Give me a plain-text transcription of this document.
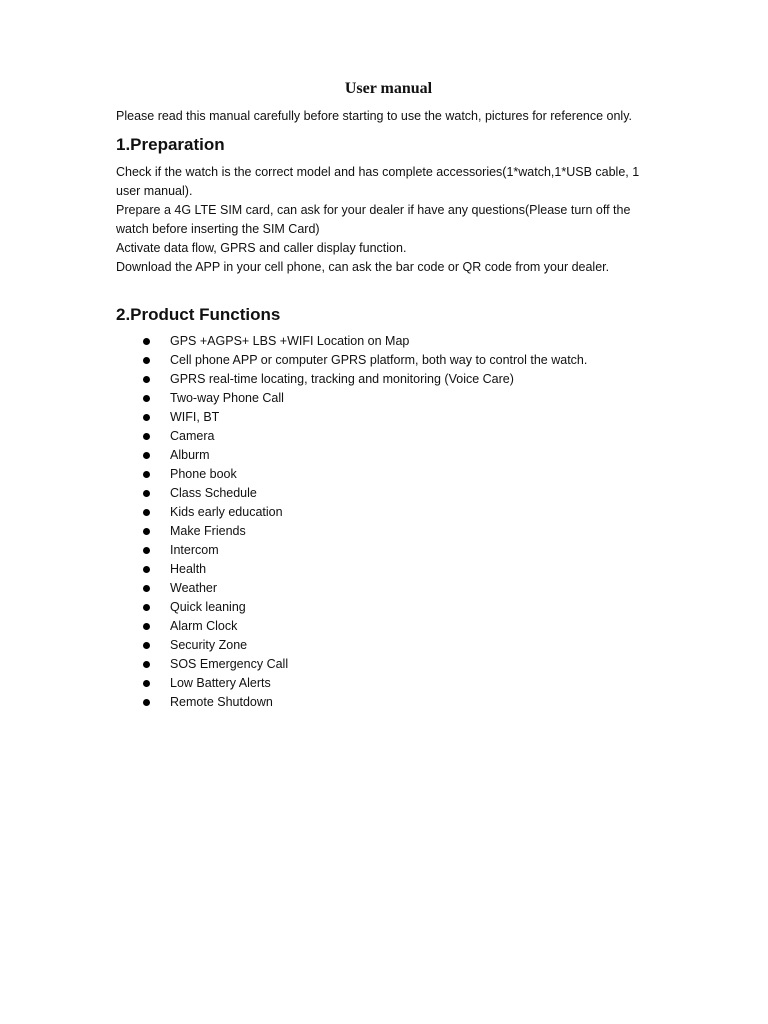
User manual

Please read this manual carefully before starting to use the watch, pictures for reference only.

1.Preparation

Check if the watch is the correct model and has complete accessories(1*watch,1*USB cable, 1 user manual).

Prepare a 4G LTE SIM card, can ask for your dealer if have any questions(Please turn off the watch before inserting the SIM Card)

Activate data flow, GPRS and caller display function.

Download the APP in your cell phone, can ask the bar code or QR code from your dealer.

2.Product Functions
GPS +AGPS+ LBS +WIFI Location on Map
Cell phone APP or computer GPRS platform, both way to control the watch.
GPRS real-time locating, tracking and monitoring (Voice Care)
Two-way Phone Call
WIFI, BT
Camera
Alburm
Phone book
Class Schedule
Kids early education
Make Friends
Intercom
Health
Weather
Quick leaning
Alarm Clock
Security Zone
SOS Emergency Call
Low Battery Alerts
Remote Shutdown
